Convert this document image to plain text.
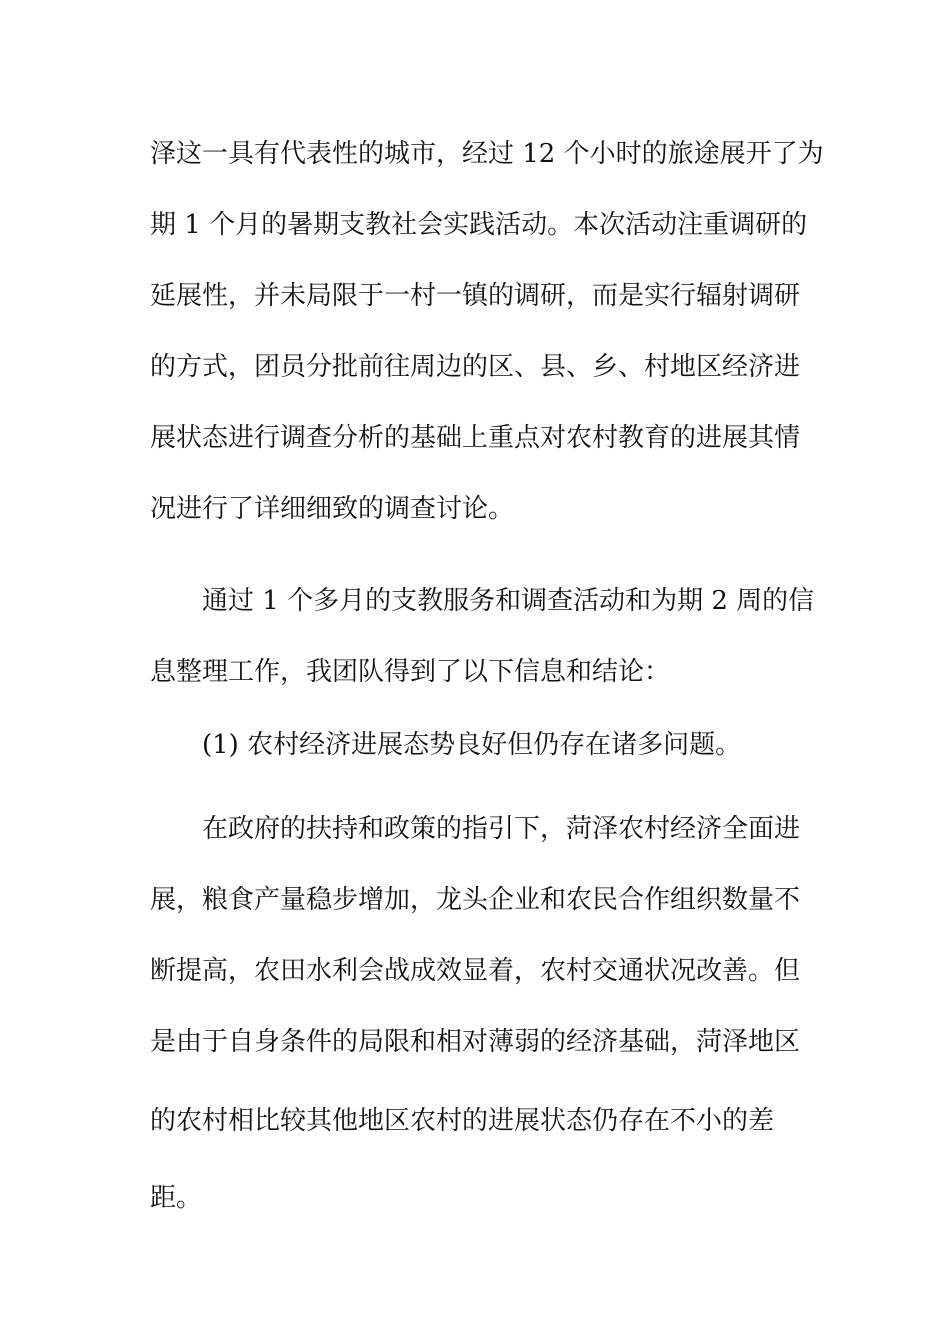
泽这一具有代表性的城市，经过 12 个小时的旅途展开了为
期 1 个月的暑期支教社会实践活动。本次活动注重调研的
延展性，并未局限于一村一镇的调研，而是实行辐射调研
的方式，团员分批前往周边的区、县、乡、村地区经济进
展状态进行调查分析的基础上重点对农村教育的进展其情
况进行了详细细致的调查讨论。
通过 1 个多月的支教服务和调查活动和为期 2 周的信
息整理工作，我团队得到了以下信息和结论：
(1) 农村经济进展态势良好但仍存在诸多问题。
在政府的扶持和政策的指引下，菏泽农村经济全面进
展，粮食产量稳步增加，龙头企业和农民合作组织数量不
断提高，农田水利会战成效显着，农村交通状况改善。但
是由于自身条件的局限和相对薄弱的经济基础，菏泽地区
的农村相比较其他地区农村的进展状态仍存在不小的差
距。
